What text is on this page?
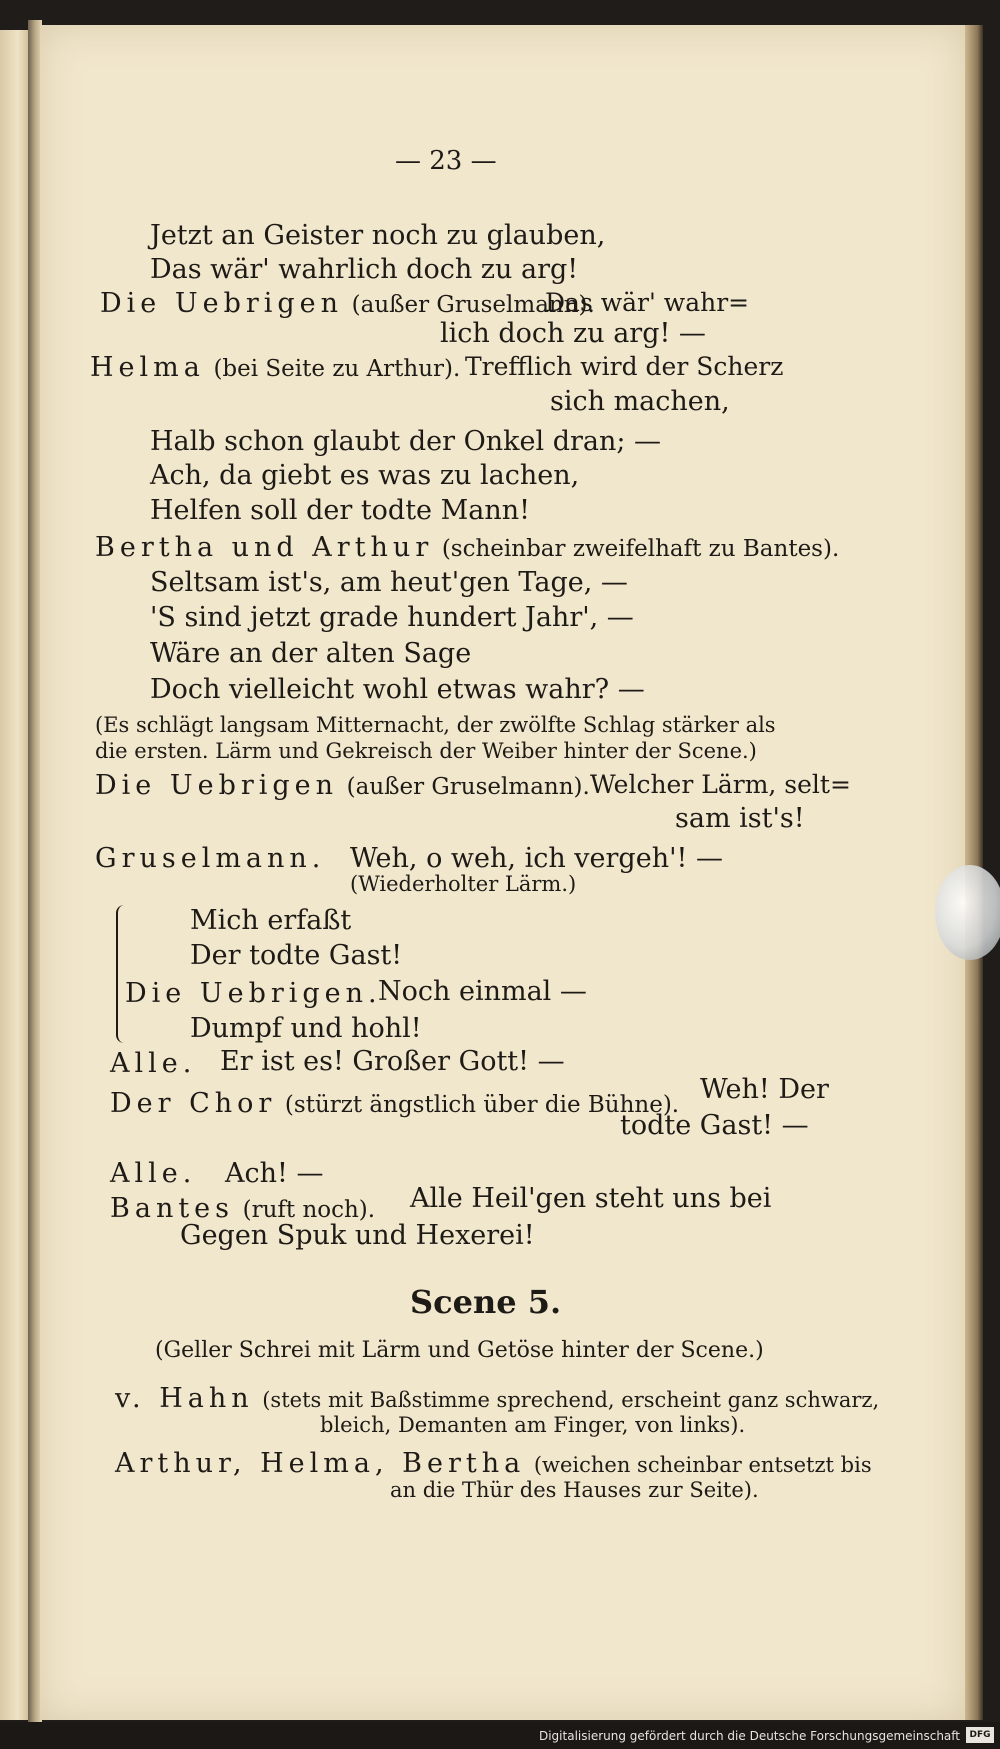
— 23 —
Jetzt an Geister noch zu glauben,
Das wär' wahrlich doch zu arg!
Die Uebrigen (außer Gruselmann).
Das wär' wahr=
lich doch zu arg! —
Helma (bei Seite zu Arthur). Trefflich wird der Scherz
sich machen,
Halb schon glaubt der Onkel dran; —
Ach, da giebt es was zu lachen,
Helfen soll der todte Mann!
Bertha und Arthur (scheinbar zweifelhaft zu Bantes).
Seltsam ist's, am heut'gen Tage, —
'S sind jetzt grade hundert Jahr', —
Wäre an der alten Sage
Doch vielleicht wohl etwas wahr? —
(Es schlägt langsam Mitternacht, der zwölfte Schlag stärker als
die ersten. Lärm und Gekreisch der Weiber hinter der Scene.)
Die Uebrigen (außer Gruselmann). Welcher Lärm, selt=
sam ist's!
Gruselmann. Weh, o weh, ich vergeh'! —
(Wiederholter Lärm.)
Mich erfaßt
Der todte Gast!
Die Uebrigen.
Noch einmal —
Dumpf und hohl!
Alle. Er ist es! Großer Gott! —
Der Chor (stürzt ängstlich über die Bühne). Weh! Der
todte Gast! —
Alle. Ach! —
Bantes (ruft noch). Alle Heil'gen steht uns bei
Gegen Spuk und Hexerei!
Scene 5.
(Geller Schrei mit Lärm und Getöse hinter der Scene.)
v. Hahn (stets mit Baßstimme sprechend, erscheint ganz schwarz,
bleich, Demanten am Finger, von links).
Arthur, Helma, Bertha (weichen scheinbar entsetzt bis
an die Thür des Hauses zur Seite).
Digitalisierung gefördert durch die Deutsche Forschungsgemeinschaft	DFG
